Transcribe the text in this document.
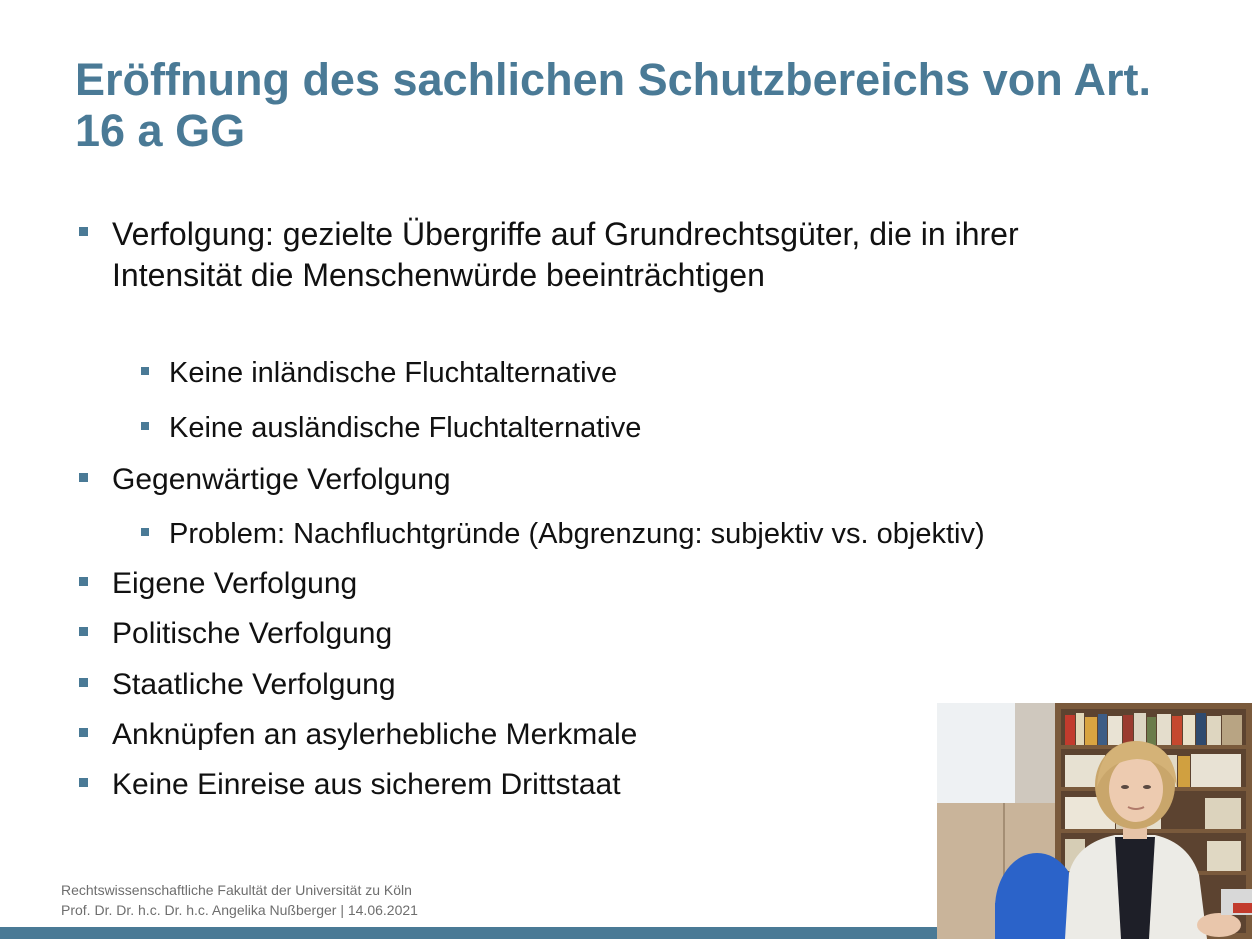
Eröffnung des sachlichen Schutzbereichs von Art. 16 a GG
Verfolgung: gezielte Übergriffe auf Grundrechtsgüter, die in ihrer Intensität die Menschenwürde beeinträchtigen
Keine inländische Fluchtalternative
Keine ausländische Fluchtalternative
Gegenwärtige Verfolgung
Problem: Nachfluchtgründe (Abgrenzung: subjektiv vs. objektiv)
Eigene Verfolgung
Politische Verfolgung
Staatliche Verfolgung
Anknüpfen an asylerhebliche Merkmale
Keine Einreise aus sicherem Drittstaat
Rechtswissenschaftliche Fakultät der Universität zu Köln
Prof. Dr. Dr. h.c. Dr. h.c. Angelika Nußberger | 14.06.2021
